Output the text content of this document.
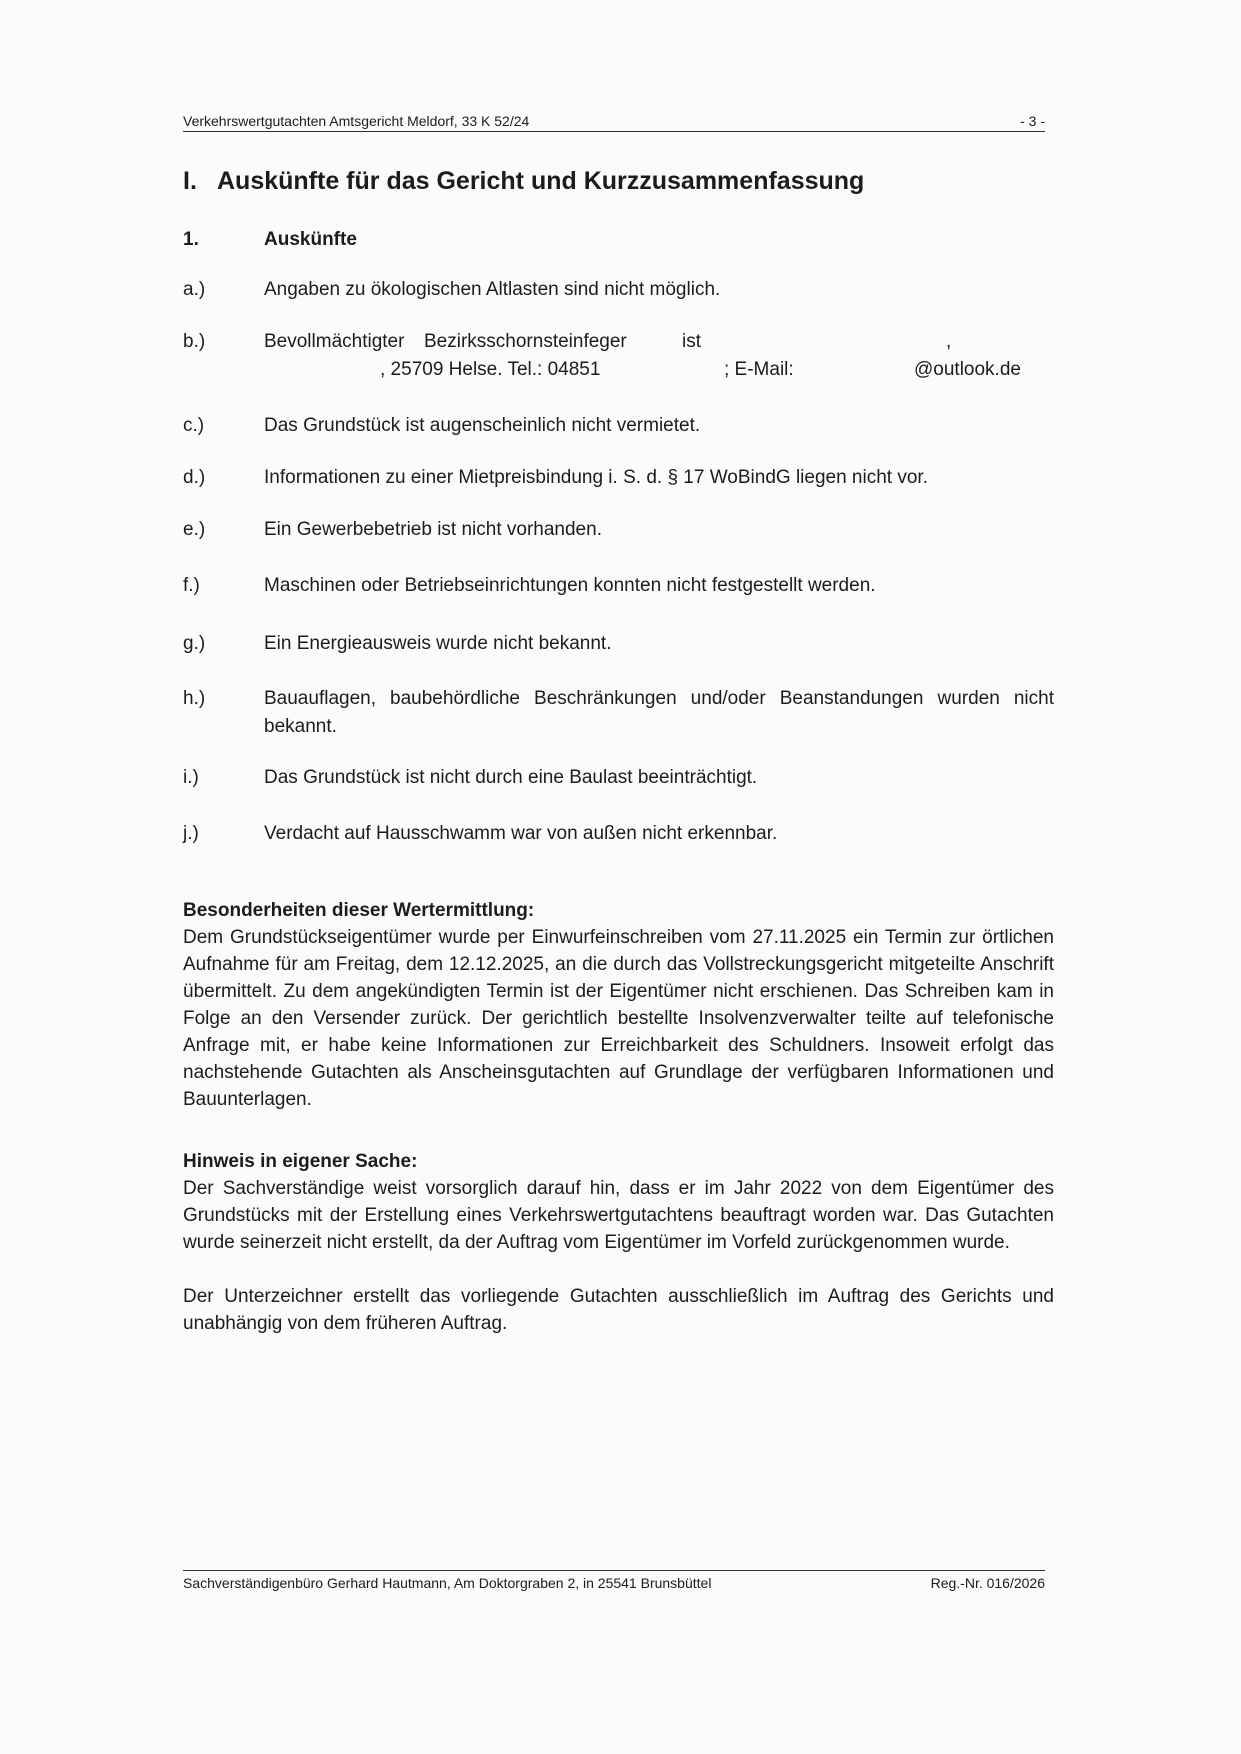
Verkehrswertgutachten Amtsgericht Meldorf, 33 K 52/24	- 3 -
I. Auskünfte für das Gericht und Kurzzusammenfassung
1.	Auskünfte
a.)	Angaben zu ökologischen Altlasten sind nicht möglich.
b.)	Bevollmächtigter Bezirksschornsteinfeger	ist	,
, 25709 Helse. Tel.: 04851	; E-Mail:	@outlook.de
c.)	Das Grundstück ist augenscheinlich nicht vermietet.
d.)	Informationen zu einer Mietpreisbindung i. S. d. § 17 WoBindG liegen nicht vor.
e.)	Ein Gewerbebetrieb ist nicht vorhanden.
f.)	Maschinen oder Betriebseinrichtungen konnten nicht festgestellt werden.
g.)	Ein Energieausweis wurde nicht bekannt.
h.)	Bauauflagen, baubehördliche Beschränkungen und/oder Beanstandungen wurden nicht bekannt.
i.)	Das Grundstück ist nicht durch eine Baulast beeinträchtigt.
j.)	Verdacht auf Hausschwamm war von außen nicht erkennbar.
Besonderheiten dieser Wertermittlung:

Dem Grundstückseigentümer wurde per Einwurfeinschreiben vom 27.11.2025 ein Termin zur örtlichen Aufnahme für am Freitag, dem 12.12.2025, an die durch das Vollstreckungsgericht mitgeteilte Anschrift übermittelt. Zu dem angekündigten Termin ist der Eigentümer nicht erschienen. Das Schreiben kam in Folge an den Versender zurück. Der gerichtlich bestellte Insolvenzverwalter teilte auf telefonische Anfrage mit, er habe keine Informationen zur Erreichbarkeit des Schuldners. Insoweit erfolgt das nachstehende Gutachten als Anscheinsgutachten auf Grundlage der verfügbaren Informationen und Bauunterlagen.

Hinweis in eigener Sache:

Der Sachverständige weist vorsorglich darauf hin, dass er im Jahr 2022 von dem Eigentümer des Grundstücks mit der Erstellung eines Verkehrswertgutachtens beauftragt worden war. Das Gutachten wurde seinerzeit nicht erstellt, da der Auftrag vom Eigentümer im Vorfeld zurückgenommen wurde.

Der Unterzeichner erstellt das vorliegende Gutachten ausschließlich im Auftrag des Gerichts und unabhängig von dem früheren Auftrag.

Sachverständigenbüro Gerhard Hautmann, Am Doktorgraben 2, in 25541 Brunsbüttel	Reg.-Nr. 016/2026
